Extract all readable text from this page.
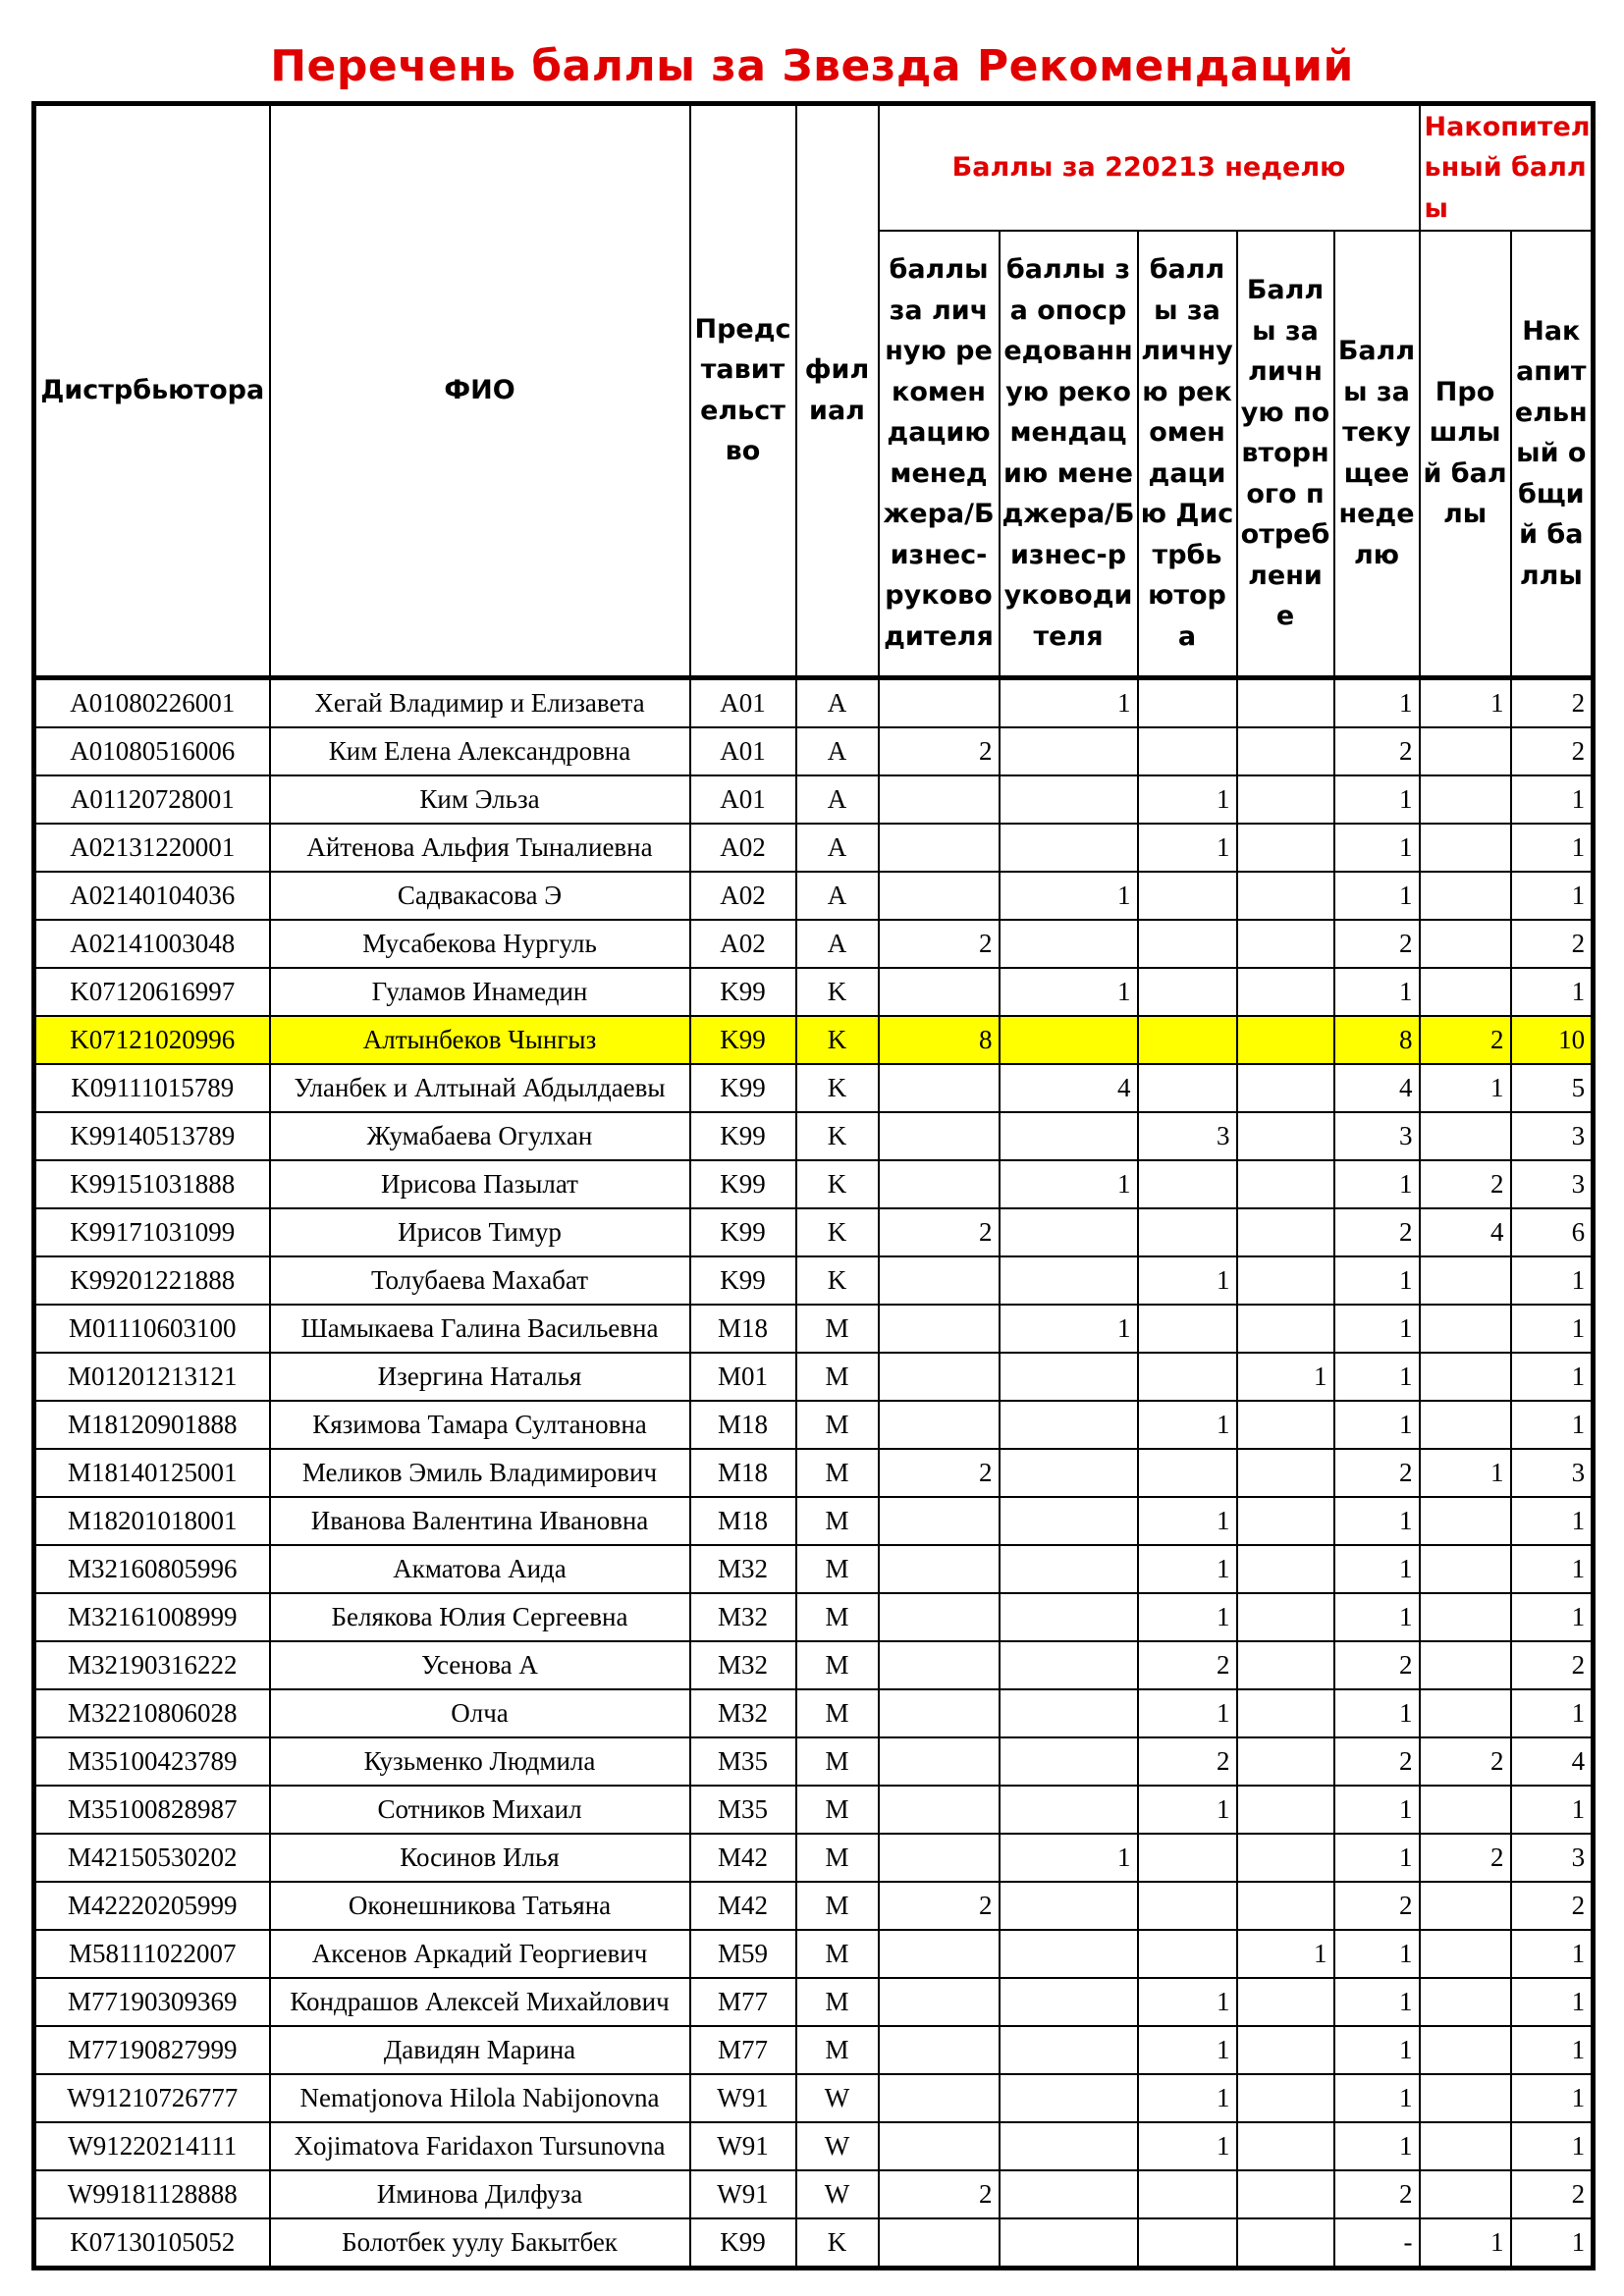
Перечень баллы за Звезда Рекомендаций
Дистрбьютора	ФИО	Представительство	филиал	Баллы за 220213 неделю					Накопительный баллы	
				баллы за личную рекомендацию менеджера/Бизнес-руководителя	баллы за опосредованную рекомендацию менеджера/Бизнес-руководителя	баллы за личную рекомендацию Дистрбьютора	Баллы за личную повторного потребление	Баллы за текущее неделю	Прошлый баллы	Накапительный общий баллы
A01080226001	Хегай Владимир и Елизавета	A01	A		1			1	1	2
A01080516006	Ким Елена Александровна	A01	A	2				2		2
A01120728001	Ким Эльза	A01	A			1		1		1
A02131220001	Айтенова Альфия Тыналиевна	A02	A			1		1		1
A02140104036	Садвакасова Э	A02	A		1			1		1
A02141003048	Мусабекова Нургуль	A02	A	2				2		2
K07120616997	Гуламов Инамедин	K99	K		1			1		1
K07121020996	Алтынбеков Чынгыз	K99	K	8				8	2	10
K09111015789	Уланбек и Алтынай Абдылдаевы	K99	K		4			4	1	5
K99140513789	Жумабаева Огулхан	K99	K			3		3		3
K99151031888	Ирисова Пазылат	K99	K		1			1	2	3
K99171031099	Ирисов Тимур	K99	K	2				2	4	6
K99201221888	Толубаева Махабат	K99	K			1		1		1
M01110603100	Шамыкаева Галина Васильевна	M18	M		1			1		1
M01201213121	Изергина Наталья	M01	M				1	1		1
M18120901888	Кязимова Тамара Султановна	M18	M			1		1		1
M18140125001	Меликов Эмиль Владимирович	M18	M	2				2	1	3
M18201018001	Иванова Валентина Ивановна	M18	M			1		1		1
M32160805996	Акматова Аида	M32	M			1		1		1
M32161008999	Белякова Юлия Сергеевна	M32	M			1		1		1
M32190316222	Усенова А	M32	M			2		2		2
M32210806028	Олча	M32	M			1		1		1
M35100423789	Кузьменко Людмила	M35	M			2		2	2	4
M35100828987	Сотников Михаил	M35	M			1		1		1
M42150530202	Косинов Илья	M42	M		1			1	2	3
M42220205999	Оконешникова Татьяна	M42	M	2				2		2
M58111022007	Аксенов Аркадий Георгиевич	M59	M				1	1		1
M77190309369	Кондрашов Алексей Михайлович	M77	M			1		1		1
M77190827999	Давидян Марина	M77	M			1		1		1
W91210726777	Nematjonova Hilola Nabijonovna	W91	W			1		1		1
W91220214111	Xojimatova Faridaxon Tursunovna	W91	W			1		1		1
W99181128888	Иминова Дилфуза	W91	W	2				2		2
K07130105052	Болотбек уулу Бакытбек	K99	K					-	1	1
